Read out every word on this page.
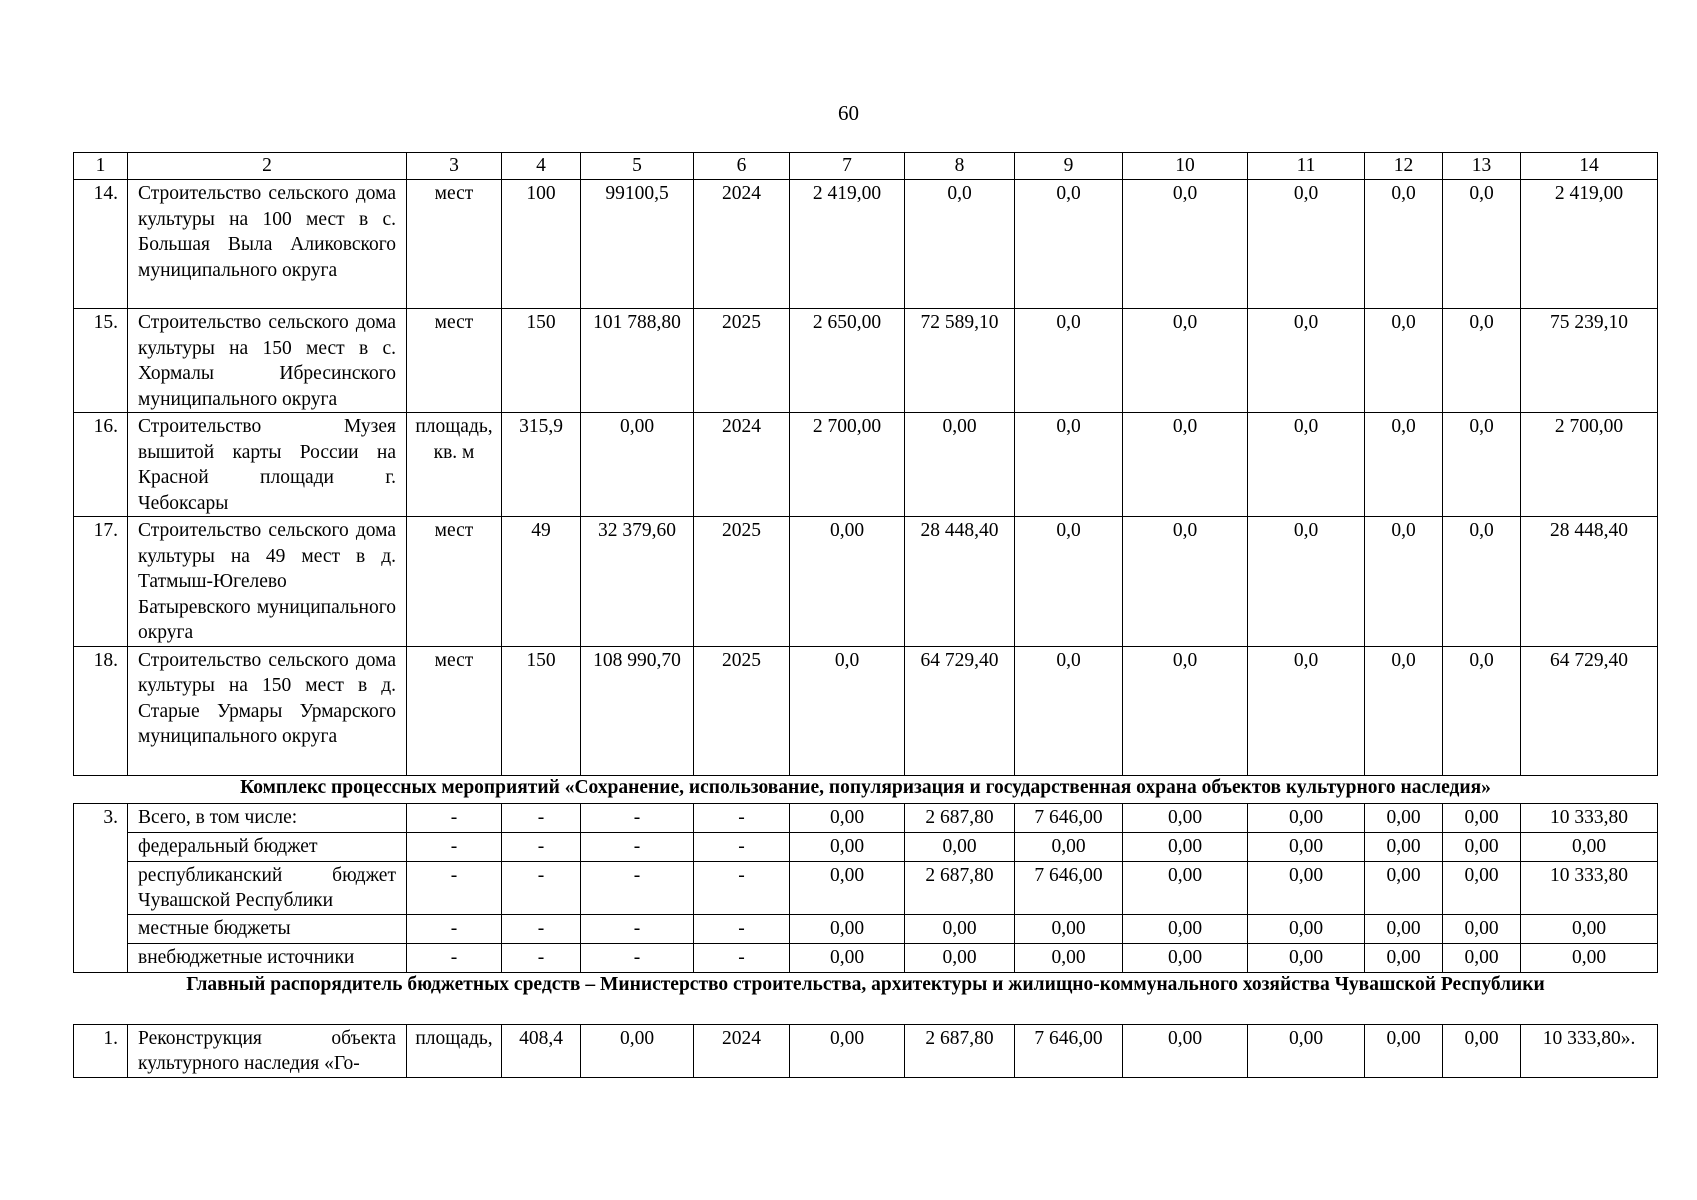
60
1	2	3	4	5	6	7	8	9	10	11	12	13	14
14.	Строительство сельского дома культуры на 100 мест в с. Большая Выла Аликовского муниципального округа	мест	100	99100,5	2024	2 419,00	0,0	0,0	0,0	0,0	0,0	0,0	2 419,00
15.	Строительство сельского дома культуры на 150 мест в с. Хормалы Ибресинского муниципального округа	мест	150	101 788,80	2025	2 650,00	72 589,10	0,0	0,0	0,0	0,0	0,0	75 239,10
16.	Строительство Музея вышитой карты России на Красной площади г. Чебоксары	площадь, кв. м	315,9	0,00	2024	2 700,00	0,00	0,0	0,0	0,0	0,0	0,0	2 700,00
17.	Строительство сельского дома культуры на 49 мест в д. Татмыш-Югелево Батыревского муниципального округа	мест	49	32 379,60	2025	0,00	28 448,40	0,0	0,0	0,0	0,0	0,0	28 448,40
18.	Строительство сельского дома культуры на 150 мест в д. Старые Урмары Урмарского муниципального округа	мест	150	108 990,70	2025	0,0	64 729,40	0,0	0,0	0,0	0,0	0,0	64 729,40
Комплекс процессных мероприятий «Сохранение, использование, популяризация и государственная охрана объектов культурного наследия»													
3.	Всего, в том числе:	-	-	-	-	0,00	2 687,80	7 646,00	0,00	0,00	0,00	0,00	10 333,80
	федеральный бюджет	-	-	-	-	0,00	0,00	0,00	0,00	0,00	0,00	0,00	0,00
	республиканский бюджет Чувашской Республики	-	-	-	-	0,00	2 687,80	7 646,00	0,00	0,00	0,00	0,00	10 333,80
	местные бюджеты	-	-	-	-	0,00	0,00	0,00	0,00	0,00	0,00	0,00	0,00
	внебюджетные источники	-	-	-	-	0,00	0,00	0,00	0,00	0,00	0,00	0,00	0,00
Главный распорядитель бюджетных средств – Министерство строительства, архитектуры и жилищно-коммунального хозяйства Чувашской Республики													
1.	Реконструкция объекта культурного наследия «Го-	площадь,	408,4	0,00	2024	0,00	2 687,80	7 646,00	0,00	0,00	0,00	0,00	10 333,80».
